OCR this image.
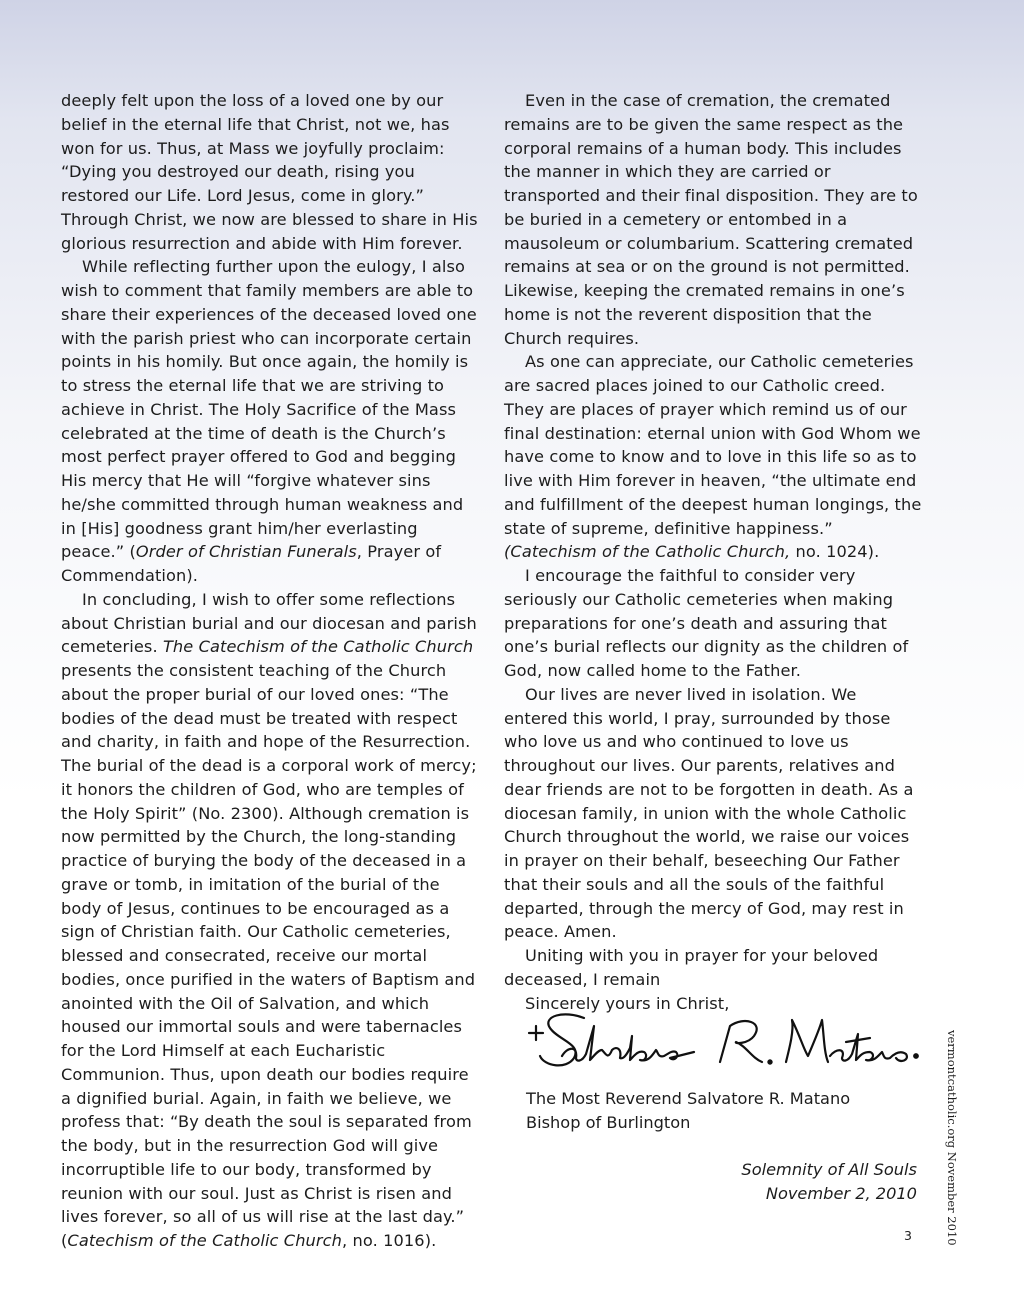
deeply felt upon the loss of a loved one by our belief in the eternal life that Christ, not we, has won for us. Thus, at Mass we joyfully proclaim: “Dying you destroyed our death, rising you restored our Life. Lord Jesus, come in glory.” Through Christ, we now are blessed to share in His glorious resurrection and abide with Him forever.

While reflecting further upon the eulogy, I also wish to comment that family members are able to share their experiences of the deceased loved one with the parish priest who can incorporate certain points in his homily. But once again, the homily is to stress the eternal life that we are striving to achieve in Christ. The Holy Sacrifice of the Mass celebrated at the time of death is the Church’s most perfect prayer offered to God and begging His mercy that He will “forgive whatever sins he/she committed through human weakness and in [His] goodness grant him/her everlasting peace.” (Order of Christian Funerals, Prayer of Commendation).

In concluding, I wish to offer some reflections about Christian burial and our diocesan and parish cemeteries. The Catechism of the Catholic Church presents the consistent teaching of the Church about the proper burial of our loved ones: “The bodies of the dead must be treated with respect and charity, in faith and hope of the Resurrection. The burial of the dead is a corporal work of mercy; it honors the children of God, who are temples of the Holy Spirit” (No. 2300). Although cremation is now permitted by the Church, the long-standing practice of burying the body of the deceased in a grave or tomb, in imitation of the burial of the body of Jesus, continues to be encouraged as a sign of Christian faith. Our Catholic cemeteries, blessed and consecrated, receive our mortal bodies, once purified in the waters of Baptism and anointed with the Oil of Salvation, and which housed our immortal souls and were tabernacles for the Lord Himself at each Eucharistic Communion. Thus, upon death our bodies require a dignified burial. Again, in faith we believe, we profess that: “By death the soul is separated from the body, but in the resurrection God will give incorruptible life to our body, transformed by reunion with our soul. Just as Christ is risen and lives forever, so all of us will rise at the last day.” (Catechism of the Catholic Church, no. 1016).

Even in the case of cremation, the cremated remains are to be given the same respect as the corporal remains of a human body. This includes the manner in which they are carried or transported and their final disposition. They are to be buried in a cemetery or entombed in a mausoleum or columbarium. Scattering cremated remains at sea or on the ground is not permitted. Likewise, keeping the cremated remains in one’s home is not the reverent disposition that the Church requires.

As one can appreciate, our Catholic cemeteries are sacred places joined to our Catholic creed. They are places of prayer which remind us of our final destination: eternal union with God Whom we have come to know and to love in this life so as to live with Him forever in heaven, “the ultimate end and fulfillment of the deepest human longings, the state of supreme, definitive happiness.” (Catechism of the Catholic Church, no. 1024).

I encourage the faithful to consider very seriously our Catholic cemeteries when making preparations for one’s death and assuring that one’s burial reflects our dignity as the children of God, now called home to the Father.

Our lives are never lived in isolation. We entered this world, I pray, surrounded by those who love us and who continued to love us throughout our lives. Our parents, relatives and dear friends are not to be forgotten in death. As a diocesan family, in union with the whole Catholic Church throughout the world, we raise our voices in prayer on their behalf, beseeching Our Father that their souls and all the souls of the faithful departed, through the mercy of God, may rest in peace. Amen.

Uniting with you in prayer for your beloved deceased, I remain

Sincerely yours in Christ,

The Most Reverend Salvatore R. Matano
Bishop of Burlington
Solemnity of All Souls
November 2, 2010	vermontcatholic.org November 2010
3
